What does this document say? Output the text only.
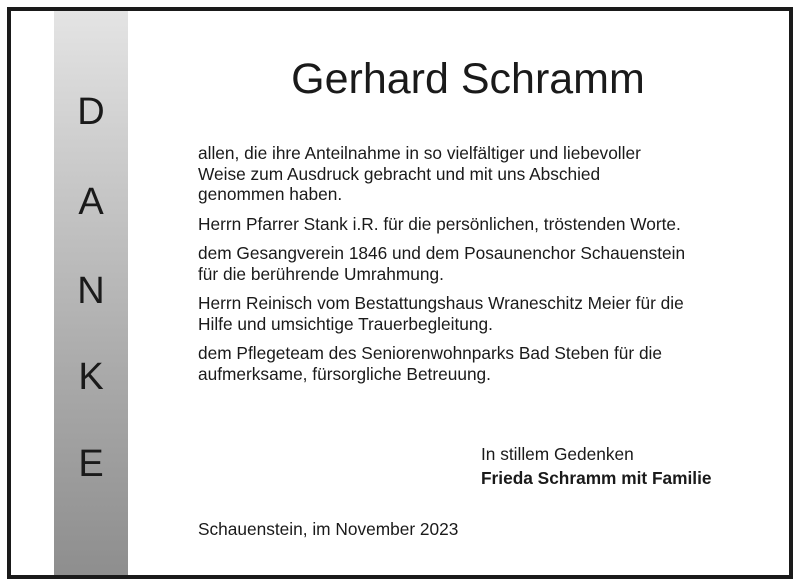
D
A
N
K
E
Gerhard Schramm

allen, die ihre Anteilnahme in so vielfältiger und liebevoller
Weise zum Ausdruck gebracht und mit uns Abschied
genommen haben.

Herrn Pfarrer Stank i.R. für die persönlichen, tröstenden Worte.

dem Gesangverein 1846 und dem Posaunenchor Schauenstein
für die berührende Umrahmung.

Herrn Reinisch vom Bestattungshaus Wraneschitz Meier für die
Hilfe und umsichtige Trauerbegleitung.

dem Pflegeteam des Seniorenwohnparks Bad Steben für die
aufmerksame, fürsorgliche Betreuung.

In stillem Gedenken
Frieda Schramm mit Familie
Schauenstein, im November 2023
